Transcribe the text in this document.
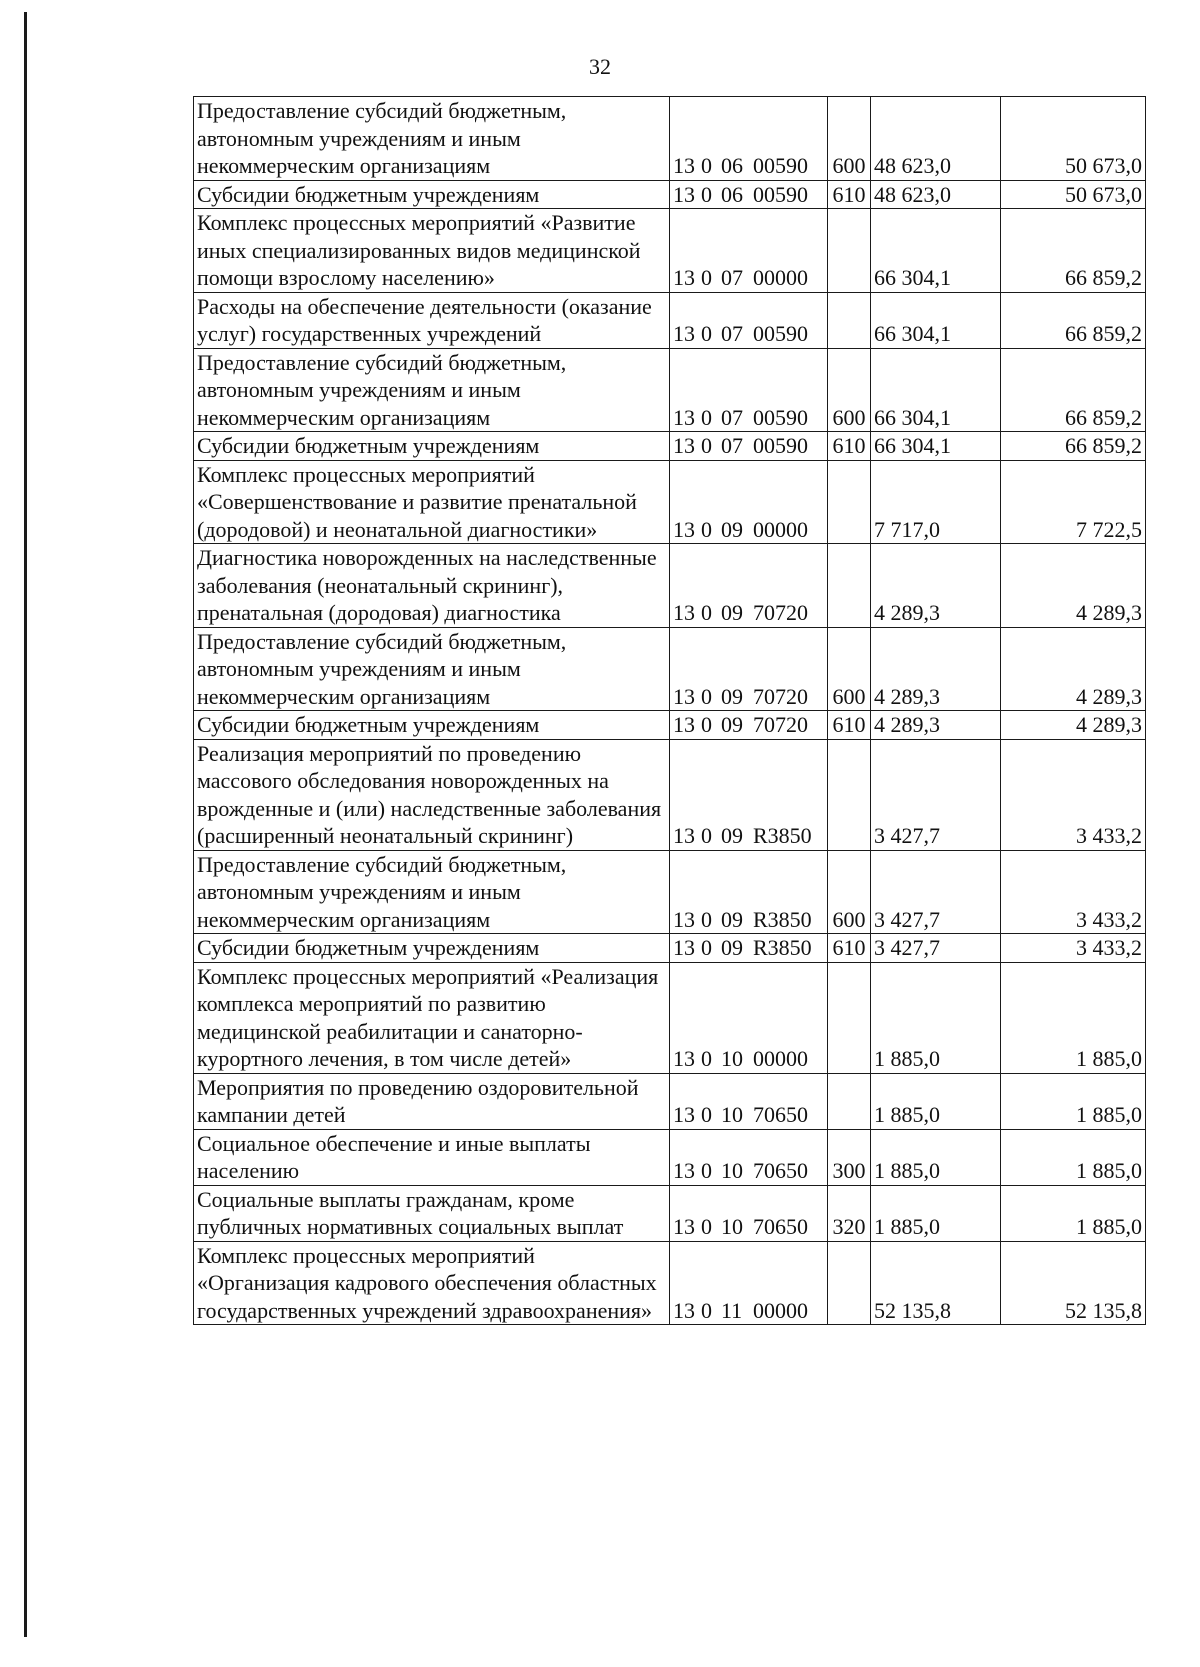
32
Предоставление субсидий бюджетным, автономным учреждениям и иным некоммерческим организациям	13 0 06 00590	600	48 623,0	50 673,0
Субсидии бюджетным учреждениям	13 0 06 00590	610	48 623,0	50 673,0
Комплекс процессных мероприятий «Развитие иных специализированных видов медицинской помощи взрослому населению»	13 0 07 00000		66 304,1	66 859,2
Расходы на обеспечение деятельности (оказание услуг) государственных учреждений	13 0 07 00590		66 304,1	66 859,2
Предоставление субсидий бюджетным, автономным учреждениям и иным некоммерческим организациям	13 0 07 00590	600	66 304,1	66 859,2
Субсидии бюджетным учреждениям	13 0 07 00590	610	66 304,1	66 859,2
Комплекс процессных мероприятий «Совершенствование и развитие пренатальной (дородовой) и неонатальной диагностики»	13 0 09 00000		7 717,0	7 722,5
Диагностика новорожденных на наследственные заболевания (неонатальный скрининг), пренатальная (дородовая) диагностика	13 0 09 70720		4 289,3	4 289,3
Предоставление субсидий бюджетным, автономным учреждениям и иным некоммерческим организациям	13 0 09 70720	600	4 289,3	4 289,3
Субсидии бюджетным учреждениям	13 0 09 70720	610	4 289,3	4 289,3
Реализация мероприятий по проведению массового обследования новорожденных на врожденные и (или) наследственные заболевания (расширенный неонатальный скрининг)	13 0 09 R3850		3 427,7	3 433,2
Предоставление субсидий бюджетным, автономным учреждениям и иным некоммерческим организациям	13 0 09 R3850	600	3 427,7	3 433,2
Субсидии бюджетным учреждениям	13 0 09 R3850	610	3 427,7	3 433,2
Комплекс процессных мероприятий «Реализация комплекса мероприятий по развитию медицинской реабилитации и санаторно-курортного лечения, в том числе детей»	13 0 10 00000		1 885,0	1 885,0
Мероприятия по проведению оздоровительной кампании детей	13 0 10 70650		1 885,0	1 885,0
Социальное обеспечение и иные выплаты населению	13 0 10 70650	300	1 885,0	1 885,0
Социальные выплаты гражданам, кроме публичных нормативных социальных выплат	13 0 10 70650	320	1 885,0	1 885,0
Комплекс процессных мероприятий «Организация кадрового обеспечения областных государственных учреждений здравоохранения»	13 0 11 00000		52 135,8	52 135,8
